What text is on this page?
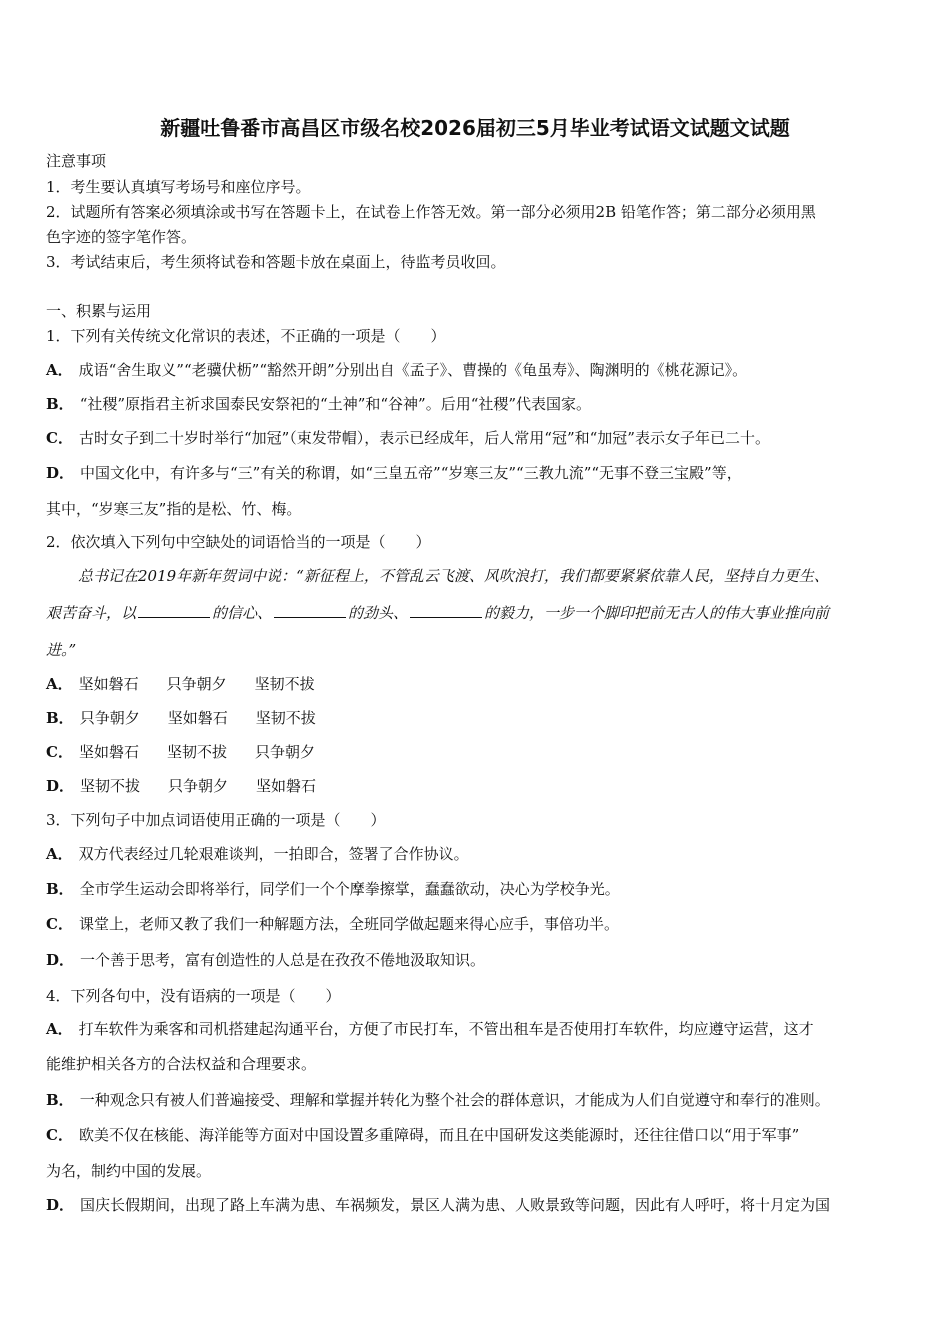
新疆吐鲁番市高昌区市级名校2026届初三5月毕业考试语文试题文试题
注意事项
1．考生要认真填写考场号和座位序号。
2．试题所有答案必须填涂或书写在答题卡上，在试卷上作答无效。第一部分必须用2B 铅笔作答；第二部分必须用黑
色字迹的签字笔作答。
3．考试结束后，考生须将试卷和答题卡放在桌面上，待监考员收回。
一、积累与运用
1．下列有关传统文化常识的表述，不正确的一项是（　　）
A． 成语“舍生取义”“老骥伏枥”“豁然开朗”分别出自《孟子》、曹操的《龟虽寿》、陶渊明的《桃花源记》。
B． “社稷”原指君主祈求国泰民安祭祀的“土神”和“谷神”。后用“社稷”代表国家。
C． 古时女子到二十岁时举行“加冠”（束发带帽），表示已经成年，后人常用“冠”和“加冠”表示女子年已二十。
D． 中国文化中，有许多与“三”有关的称谓，如“三皇五帝”“岁寒三友”“三教九流”“无事不登三宝殿”等，
其中，“岁寒三友”指的是松、竹、梅。
2．依次填入下列句中空缺处的词语恰当的一项是（　　）
总书记在2019年新年贺词中说：“新征程上，不管乱云飞渡、风吹浪打，我们都要紧紧依靠人民，坚持自力更生、
艰苦奋斗，以	的信心、	的劲头、	的毅力，一步一个脚印把前无古人的伟大事业推向前
进。”
A． 坚如磐石 只争朝夕 坚韧不拔
B． 只争朝夕 坚如磐石 坚韧不拔
C． 坚如磐石 坚韧不拔 只争朝夕
D． 坚韧不拔 只争朝夕 坚如磐石
3．下列句子中加点词语使用正确的一项是（　　）
A． 双方代表经过几轮艰难谈判，一拍即合，签署了合作协议。
B． 全市学生运动会即将举行，同学们一个个摩拳擦掌，蠢蠢欲动，决心为学校争光。
C． 课堂上，老师又教了我们一种解题方法，全班同学做起题来得心应手，事倍功半。
D． 一个善于思考，富有创造性的人总是在孜孜不倦地汲取知识。
4．下列各句中，没有语病的一项是（　　）
A． 打车软件为乘客和司机搭建起沟通平台，方便了市民打车，不管出租车是否使用打车软件，均应遵守运营，这才
能维护相关各方的合法权益和合理要求。
B． 一种观念只有被人们普遍接受、理解和掌握并转化为整个社会的群体意识，才能成为人们自觉遵守和奉行的准则。
C． 欧美不仅在核能、海洋能等方面对中国设置多重障碍，而且在中国研发这类能源时，还往往借口以“用于军事”
为名，制约中国的发展。
D． 国庆长假期间，出现了路上车满为患、车祸频发，景区人满为患、人败景致等问题，因此有人呼吁，将十月定为国
